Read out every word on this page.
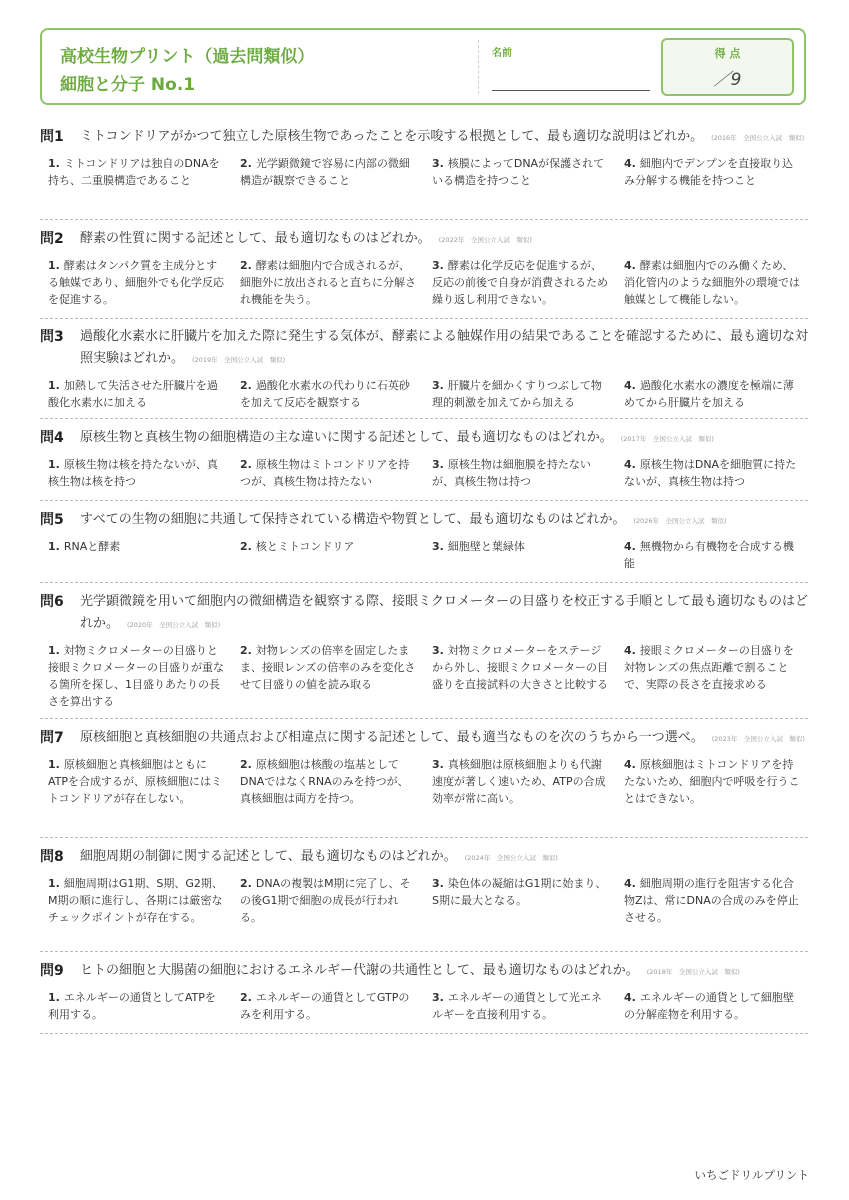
高校生物プリント（過去問類似）
細胞と分子 No.1
名前	得 点
／9
問1 ミトコンドリアがかつて独立した原核生物であったことを示唆する根拠として、最も適切な説明はどれか。 (2016年　全国公立入試　類似)
1. ミトコンドリアは独自のDNAを持ち、二重膜構造であること
2. 光学顕微鏡で容易に内部の微細構造が観察できること
3. 核膜によってDNAが保護されている構造を持つこと
4. 細胞内でデンプンを直接取り込み分解する機能を持つこと
問2 酵素の性質に関する記述として、最も適切なものはどれか。 (2022年　全国公立入試　類似)
1. 酵素はタンパク質を主成分とする触媒であり、細胞外でも化学反応を促進する。
2. 酵素は細胞内で合成されるが、細胞外に放出されると直ちに分解され機能を失う。
3. 酵素は化学反応を促進するが、反応の前後で自身が消費されるため繰り返し利用できない。
4. 酵素は細胞内でのみ働くため、消化管内のような細胞外の環境では触媒として機能しない。
問3 過酸化水素水に肝臓片を加えた際に発生する気体が、酵素による触媒作用の結果であることを確認するために、最も適切な対照実験はどれか。 (2019年　全国公立入試　類似)
1. 加熱して失活させた肝臓片を過酸化水素水に加える
2. 過酸化水素水の代わりに石英砂を加えて反応を観察する
3. 肝臓片を細かくすりつぶして物理的刺激を加えてから加える
4. 過酸化水素水の濃度を極端に薄めてから肝臓片を加える
問4 原核生物と真核生物の細胞構造の主な違いに関する記述として、最も適切なものはどれか。 (2017年　全国公立入試　類似)
1. 原核生物は核を持たないが、真核生物は核を持つ
2. 原核生物はミトコンドリアを持つが、真核生物は持たない
3. 原核生物は細胞膜を持たないが、真核生物は持つ
4. 原核生物はDNAを細胞質に持たないが、真核生物は持つ
問5 すべての生物の細胞に共通して保持されている構造や物質として、最も適切なものはどれか。 (2026年　全国公立入試　類似)
1. RNAと酵素	2. 核とミトコンドリア	3. 細胞壁と葉緑体	4. 無機物から有機物を合成する機能
問6 光学顕微鏡を用いて細胞内の微細構造を観察する際、接眼ミクロメーターの目盛りを校正する手順として最も適切なものはどれか。 (2020年　全国公立入試　類似)
1. 対物ミクロメーターの目盛りと接眼ミクロメーターの目盛りが重なる箇所を探し、1目盛りあたりの長さを算出する
2. 対物レンズの倍率を固定したまま、接眼レンズの倍率のみを変化させて目盛りの値を読み取る
3. 対物ミクロメーターをステージから外し、接眼ミクロメーターの目盛りを直接試料の大きさと比較する
4. 接眼ミクロメーターの目盛りを対物レンズの焦点距離で割ることで、実際の長さを直接求める
問7 原核細胞と真核細胞の共通点および相違点に関する記述として、最も適当なものを次のうちから一つ選べ。 (2023年　全国公立入試　類似)
1. 原核細胞と真核細胞はともにATPを合成するが、原核細胞にはミトコンドリアが存在しない。
2. 原核細胞は核酸の塩基としてDNAではなくRNAのみを持つが、真核細胞は両方を持つ。
3. 真核細胞は原核細胞よりも代謝速度が著しく速いため、ATPの合成効率が常に高い。
4. 原核細胞はミトコンドリアを持たないため、細胞内で呼吸を行うことはできない。
問8 細胞周期の制御に関する記述として、最も適切なものはどれか。 (2024年　全国公立入試　類似)
1. 細胞周期はG1期、S期、G2期、M期の順に進行し、各期には厳密なチェックポイントが存在する。
2. DNAの複製はM期に完了し、その後G1期で細胞の成長が行われる。
3. 染色体の凝縮はG1期に始まり、S期に最大となる。
4. 細胞周期の進行を阻害する化合物Zは、常にDNAの合成のみを停止させる。
問9 ヒトの細胞と大腸菌の細胞におけるエネルギー代謝の共通性として、最も適切なものはどれか。 (2018年　全国公立入試　類似)
1. エネルギーの通貨としてATPを利用する。
2. エネルギーの通貨としてGTPのみを利用する。
3. エネルギーの通貨として光エネルギーを直接利用する。
4. エネルギーの通貨として細胞壁の分解産物を利用する。
いちごドリルプリント
